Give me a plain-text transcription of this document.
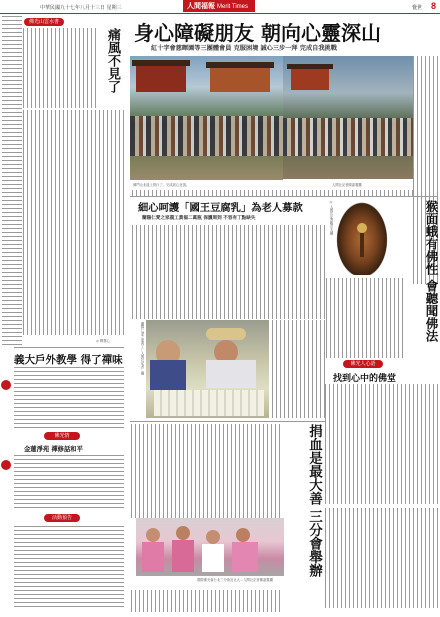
中華民國九十七年八月十三日 星期三	人間福報 Merit Times	覺世 8
佛光山雲水書
痛風不見了
◎ 釋慧心
義大戶外教學 得了禪味
佛光情
金蓮淨苑 禪修話和平
活動預告
身心障礙朋友 朝向心靈深山
紅十字會慈暉園等三團體會員 克服困境 誠心三步一拜 完成自我挑戰
佛門山北道上排行了，完成誠心登頂。	人間社記者陳嘉蕙攝
細心呵護「國王豆腐乳」為老人募款
蘭陽仁愛之家義工黃福二萬瓶 保護周到 不容有丁點缺失
蘭陽仁愛之家義工…人間社記者…攝
◎ 人間社記者羅宗大攝	猴面蛾有佛性 會聽聞佛法
佛光人心語
找到心中的佛堂
捐血是最大善 三分會舉辦
國際佛光會台北三分會及社大…人間社記者陳嘉蕙攝
